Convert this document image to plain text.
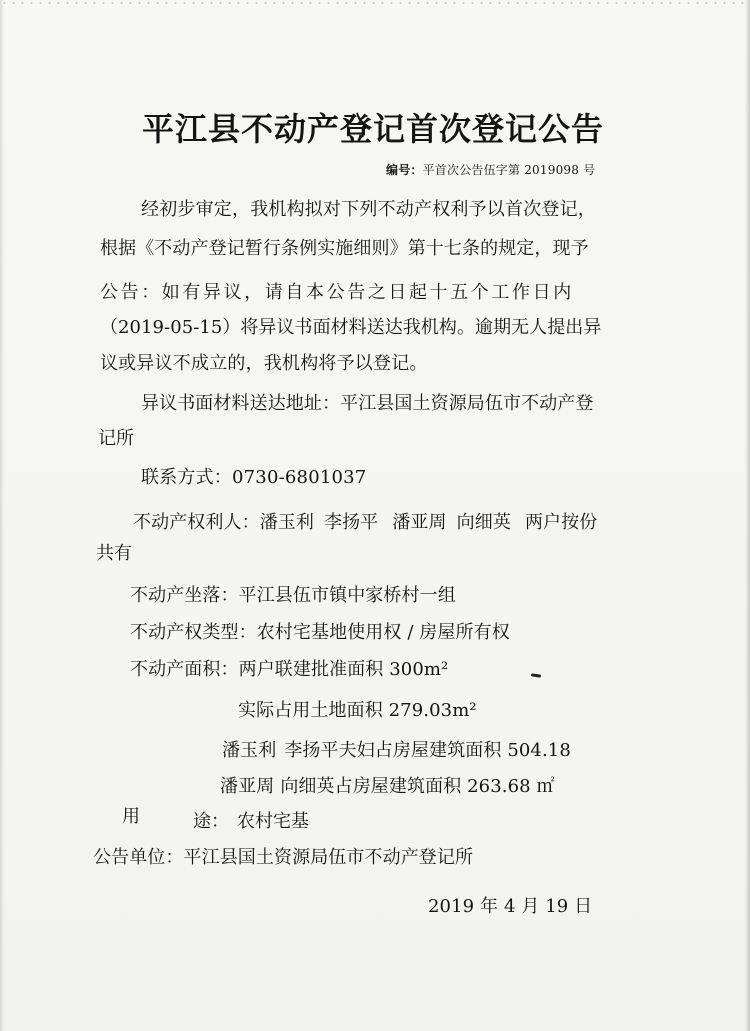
平江县不动产登记首次登记公告
编号：平首次公告伍字第 2019098 号
经初步审定，我机构拟对下列不动产权利予以首次登记，
根据《不动产登记暂行条例实施细则》第十七条的规定，现予
公告：如有异议，请自本公告之日起十五个工作日内
（2019-05-15）将异议书面材料送达我机构。逾期无人提出异
议或异议不成立的，我机构将予以登记。
异议书面材料送达地址：平江县国土资源局伍市不动产登
记所
联系方式：0730-6801037
不动产权利人：潘玉利 李扬平 潘亚周 向细英 两户按份
共有
不动产坐落：平江县伍市镇中家桥村一组
不动产权类型：农村宅基地使用权 / 房屋所有权
不动产面积：两户联建批准面积 300m²
实际占用土地面积 279.03m²
潘玉利 李扬平夫妇占房屋建筑面积 504.18
潘亚周 向细英占房屋建筑面积 263.68 ㎡
用	途： 农村宅基
公告单位：平江县国土资源局伍市不动产登记所
2019 年 4 月 19 日
